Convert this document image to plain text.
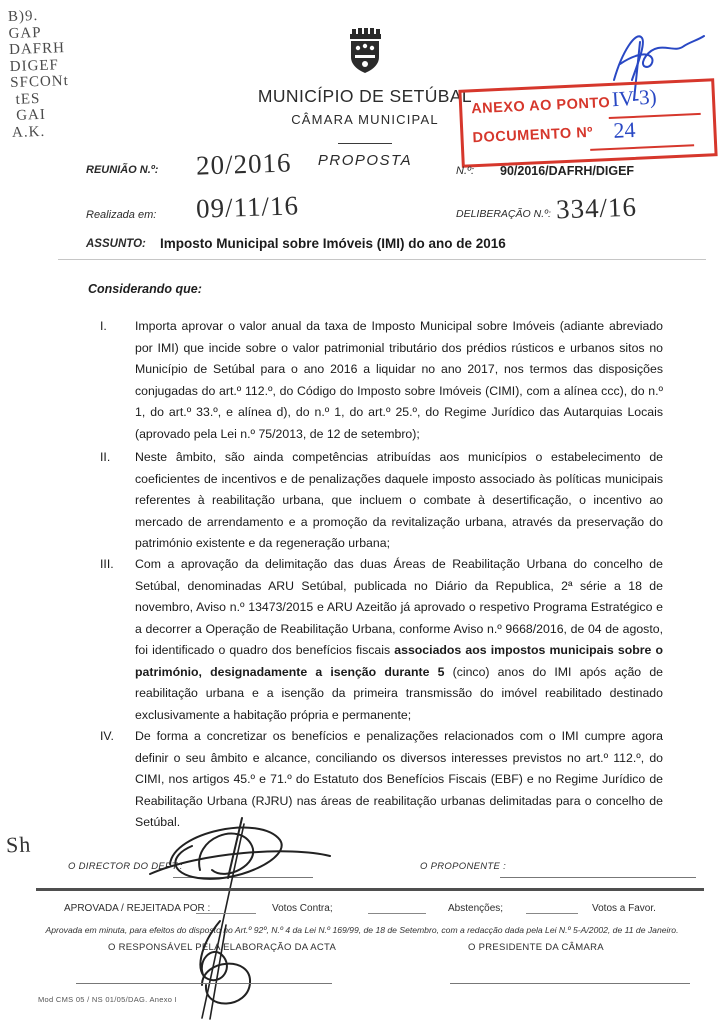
B)9.
GAP
DAFRH
DIGEF
SFCONt
tES
GAI
A.K.
MUNICÍPIO DE SETÚBAL
CÂMARA MUNICIPAL
PROPOSTA
ANEXO AO PONTO
DOCUMENTO Nº
IV-3)
24
REUNIÃO N.º: 20/2016
Realizada em: 09/11/16
N.º: 90/2016/DAFRH/DIGEF
DELIBERAÇÃO N.º: 334/16
ASSUNTO: Imposto Municipal sobre Imóveis (IMI) do ano de 2016
Considerando que:
I.	Importa aprovar o valor anual da taxa de Imposto Municipal sobre Imóveis (adiante abreviado por IMI) que incide sobre o valor patrimonial tributário dos prédios rústicos e urbanos sitos no Município de Setúbal para o ano 2016 a liquidar no ano 2017, nos termos das disposições conjugadas do art.º 112.º, do Código do Imposto sobre Imóveis (CIMI), com a alínea ccc), do n.º 1, do art.º 33.º, e alínea d), do n.º 1, do art.º 25.º, do Regime Jurídico das Autarquias Locais (aprovado pela Lei n.º 75/2013, de 12 de setembro);
II.	Neste âmbito, são ainda competências atribuídas aos municípios o estabelecimento de coeficientes de incentivos e de penalizações daquele imposto associado às políticas municipais referentes à reabilitação urbana, que incluem o combate à desertificação, o incentivo ao mercado de arrendamento e a promoção da revitalização urbana, através da preservação do património existente e da regeneração urbana;
III.	Com a aprovação da delimitação das duas Áreas de Reabilitação Urbana do concelho de Setúbal, denominadas ARU Setúbal, publicada no Diário da Republica, 2ª série a 18 de novembro, Aviso n.º 13473/2015 e ARU Azeitão já aprovado o respetivo Programa Estratégico e a decorrer a Operação de Reabilitação Urbana, conforme Aviso n.º 9668/2016, de 04 de agosto, foi identificado o quadro dos benefícios fiscais associados aos impostos municipais sobre o património, designadamente a isenção durante 5 (cinco) anos do IMI após ação de reabilitação urbana e a isenção da primeira transmissão do imóvel reabilitado destinado exclusivamente a habitação própria e permanente;
IV.	De forma a concretizar os benefícios e penalizações relacionados com o IMI cumpre agora definir o seu âmbito e alcance, conciliando os diversos interesses previstos no art.º 112.º, do CIMI, nos artigos 45.º e 71.º do Estatuto dos Benefícios Fiscais (EBF) e no Regime Jurídico de Reabilitação Urbana (RJRU) nas áreas de reabilitação urbanas delimitadas para o concelho de Setúbal.
Sh
O DIRECTOR DO DEPT.:	O PROPONENTE :
APROVADA / REJEITADA POR :	Votos Contra;	Abstenções;	Votos a Favor.
Aprovada em minuta, para efeitos do disposto no Art.º 92º, N.º 4 da Lei N.º 169/99, de 18 de Setembro, com a redacção dada pela Lei N.º 5-A/2002, de 11 de Janeiro.
O RESPONSÁVEL PELA ELABORAÇÃO DA ACTA	O PRESIDENTE DA CÂMARA
Mod CMS 05 / NS 01/05/DAG. Anexo I
